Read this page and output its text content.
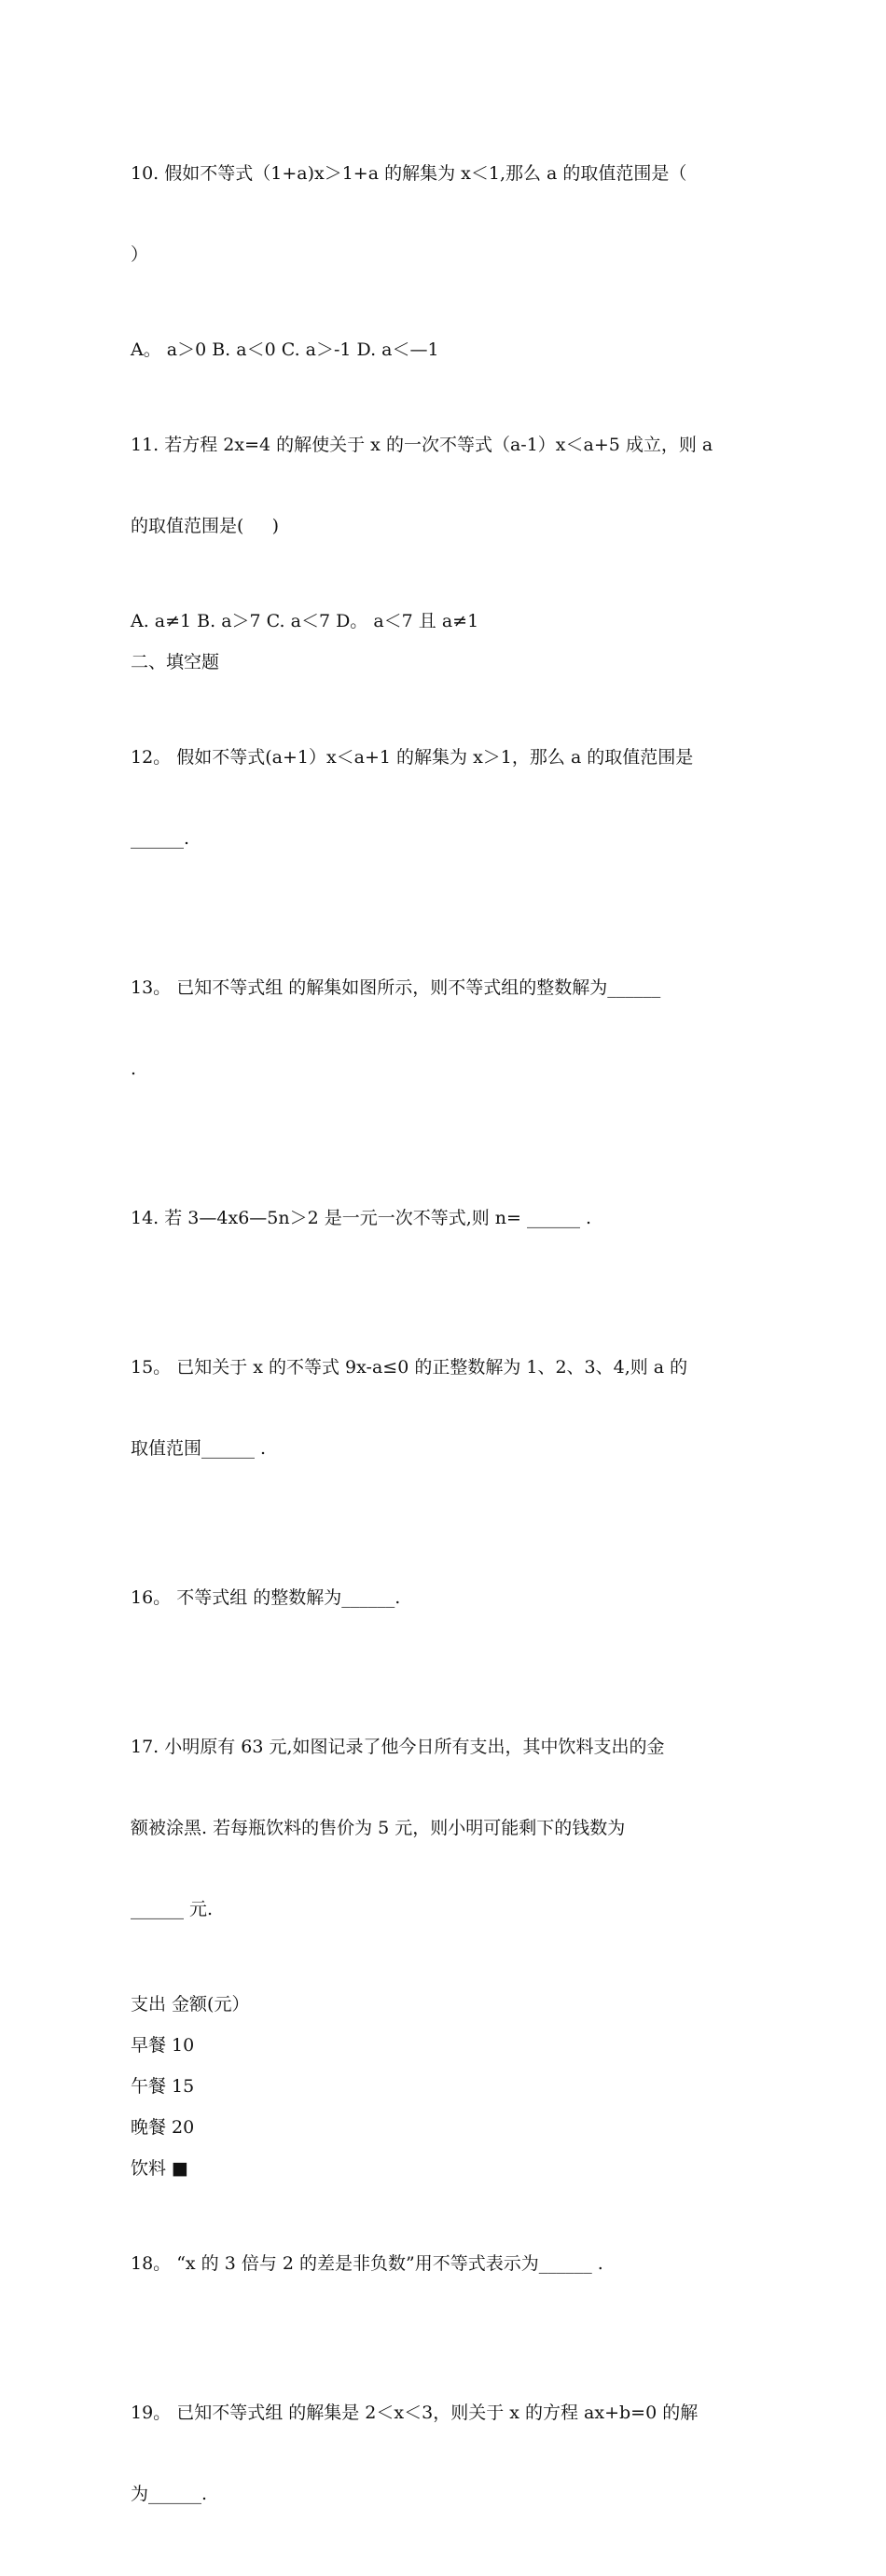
10. 假如不等式（1+a)x＞1+a 的解集为 x＜1,那么 a 的取值范围是（

）

A。 a＞0 B. a＜0 C. a＞-1 D. a＜—1

11. 若方程 2x=4 的解使关于 x 的一次不等式（a-1）x＜a+5 成立，则 a

的取值范围是(     )

A. a≠1 B. a＞7 C. a＜7 D。 a＜7 且 a≠1
二、填空题

12。 假如不等式(a+1）x＜a+1 的解集为 x＞1，那么 a 的取值范围是

______.

13。 已知不等式组 的解集如图所示，则不等式组的整数解为______

.

14. 若 3—4x6—5n＞2 是一元一次不等式,则 n= ______ .

15。 已知关于 x 的不等式 9x-a≤0 的正整数解为 1、2、3、4,则 a 的

取值范围______ .

16。 不等式组 的整数解为______.

17. 小明原有 63 元,如图记录了他今日所有支出，其中饮料支出的金

额被涂黑. 若每瓶饮料的售价为 5 元，则小明可能剩下的钱数为

______ 元.

支出 金额(元）
早餐 10
午餐 15
晚餐 20
饮料 ■

18。 “x 的 3 倍与 2 的差是非负数”用不等式表示为______ .

19。 已知不等式组 的解集是 2＜x＜3，则关于 x 的方程 ax+b=0 的解

为______.
